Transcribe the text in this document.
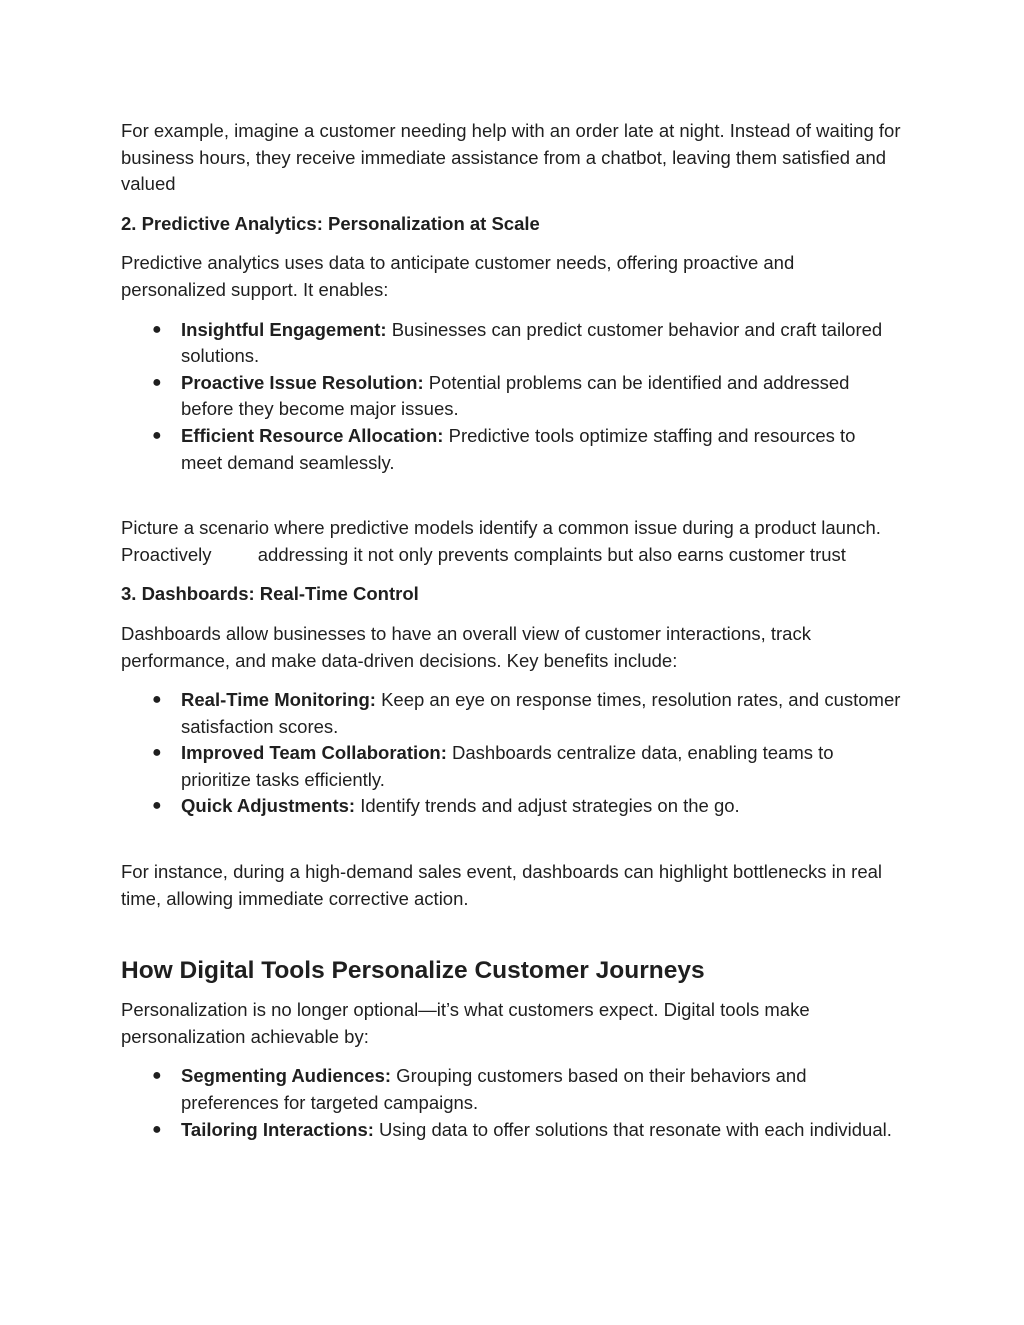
For example, imagine a customer needing help with an order late at night. Instead of waiting for business hours, they receive immediate assistance from a chatbot, leaving them satisfied and valued

2. Predictive Analytics: Personalization at Scale

Predictive analytics uses data to anticipate customer needs, offering proactive and personalized support. It enables:

● Insightful Engagement: Businesses can predict customer behavior and craft tailored solutions.
● Proactive Issue Resolution: Potential problems can be identified and addressed before they become major issues.
● Efficient Resource Allocation: Predictive tools optimize staffing and resources to meet demand seamlessly.

Picture a scenario where predictive models identify a common issue during a product launch. Proactively         addressing it not only prevents complaints but also earns customer trust

3. Dashboards: Real-Time Control

Dashboards allow businesses to have an overall view of customer interactions, track performance, and make data-driven decisions. Key benefits include:

● Real-Time Monitoring: Keep an eye on response times, resolution rates, and customer satisfaction scores.
● Improved Team Collaboration: Dashboards centralize data, enabling teams to prioritize tasks efficiently.
● Quick Adjustments: Identify trends and adjust strategies on the go.

For instance, during a high-demand sales event, dashboards can highlight bottlenecks in real time, allowing immediate corrective action.

How Digital Tools Personalize Customer Journeys

Personalization is no longer optional—it’s what customers expect. Digital tools make personalization achievable by:

● Segmenting Audiences: Grouping customers based on their behaviors and preferences for targeted campaigns.
● Tailoring Interactions: Using data to offer solutions that resonate with each individual.
